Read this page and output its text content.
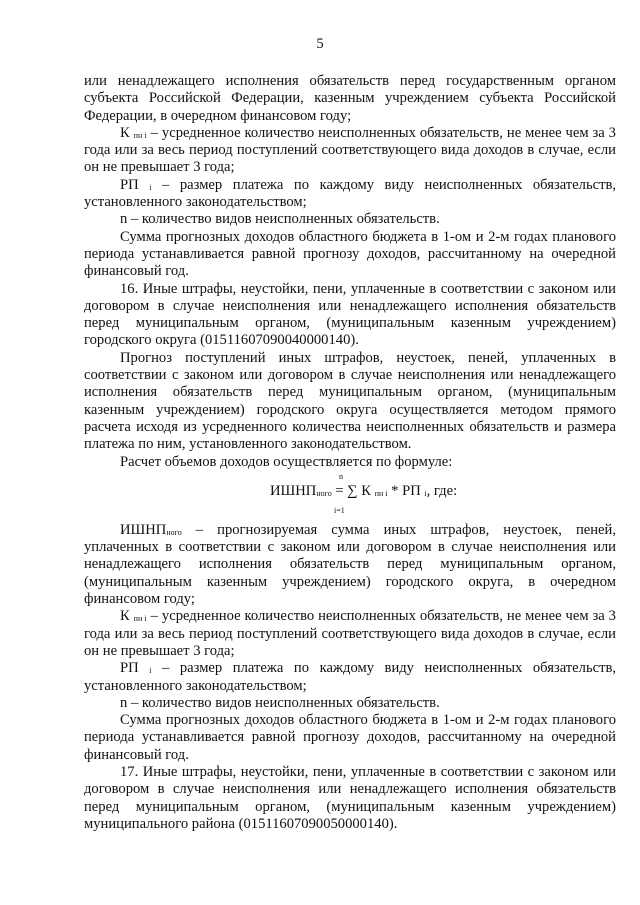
5

или ненадлежащего исполнения обязательств перед государственным органом субъекта Российской Федерации, казенным учреждением субъекта Российской Федерации, в очередном финансовом году;

К $_{пн i}$ – усредненное количество неисполненных обязательств, не менее чем за 3 года или за весь период поступлений соответствующего вида доходов в случае, если он не превышает 3 года;

РП $_i$ – размер платежа по каждому виду неисполненных обязательств, установленного законодательством;

n – количество видов неисполненных обязательств.

Сумма прогнозных доходов областного бюджета в 1-ом и 2-м годах планового периода устанавливается равной прогнозу доходов, рассчитанному на очередной финансовый год.

16. Иные штрафы, неустойки, пени, уплаченные в соответствии с законом или договором в случае неисполнения или ненадлежащего исполнения обязательств перед муниципальным органом, (муниципальным казенным учреждением) городского округа (01511607090040000140).

Прогноз поступлений иных штрафов, неустоек, пеней, уплаченных в соответствии с законом или договором в случае неисполнения или ненадлежащего исполнения обязательств перед муниципальным органом, (муниципальным казенным учреждением) городского округа осуществляется методом прямого расчета исходя из усредненного количества неисполненных обязательств и размера платежа по ним, установленного законодательством.

Расчет объемов доходов осуществляется по формуле:

n
$ИШНП_{ного}$ = ∑ К $_{пн i}$ * РП $_i$, где:
i=1

$ИШНП_{ного}$ – прогнозируемая сумма иных штрафов, неустоек, пеней, уплаченных в соответствии с законом или договором в случае неисполнения или ненадлежащего исполнения обязательств перед муниципальным органом, (муниципальным казенным учреждением) городского округа, в очередном финансовом году;

К $_{пн i}$ – усредненное количество неисполненных обязательств, не менее чем за 3 года или за весь период поступлений соответствующего вида доходов в случае, если он не превышает 3 года;

РП $_i$ – размер платежа по каждому виду неисполненных обязательств, установленного законодательством;

n – количество видов неисполненных обязательств.

Сумма прогнозных доходов областного бюджета в 1-ом и 2-м годах планового периода устанавливается равной прогнозу доходов, рассчитанному на очередной финансовый год.

17. Иные штрафы, неустойки, пени, уплаченные в соответствии с законом или договором в случае неисполнения или ненадлежащего исполнения обязательств перед муниципальным органом, (муниципальным казенным учреждением) муниципального района (01511607090050000140).
